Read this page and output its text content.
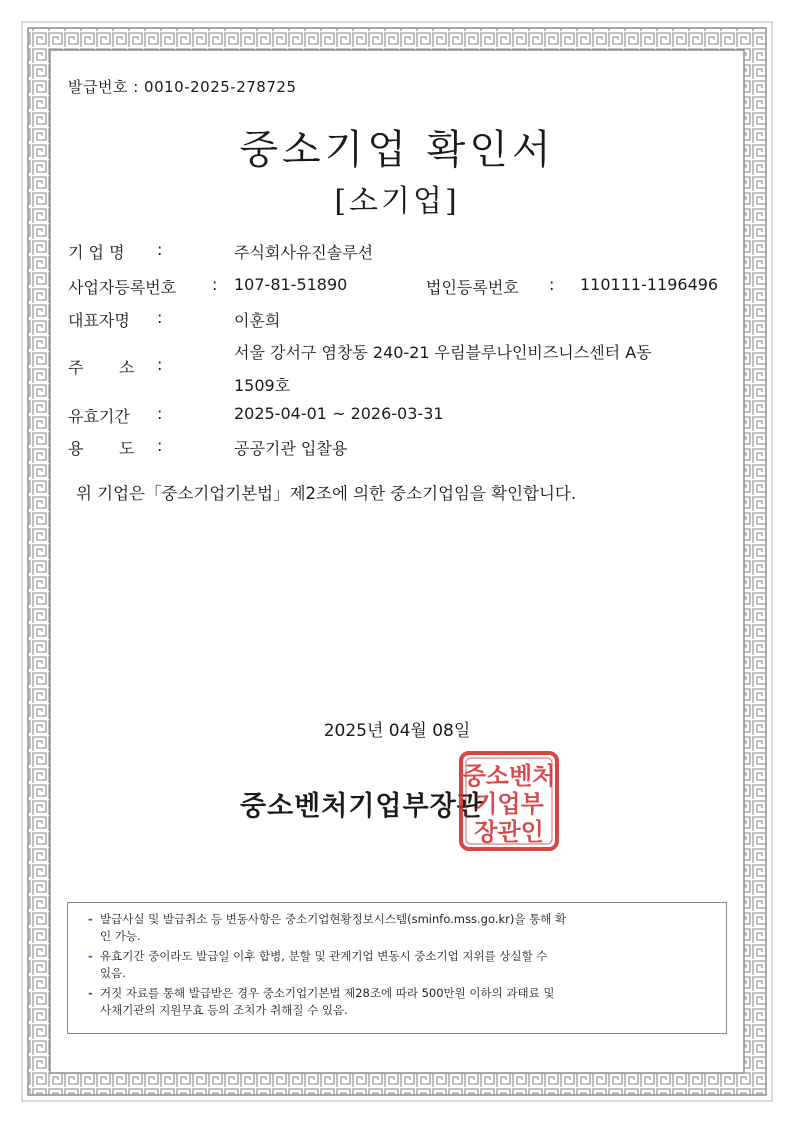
발급번호 : 0010-2025-278725
중소기업 확인서
[소기업]
기 업 명 :	주식회사유진솔루션
사업자등록번호 : 107-81-51890	법인등록번호 : 110111-1196496
대표자명 :	이훈희
주       소 :
서울 강서구 염창동 240-21 우림블루나인비즈니스센터 A동
1509호
유효기간 :	2025-04-01 ~ 2026-03-31
용       도 :	공공기관 입찰용
위 기업은「중소기업기본법」제2조에 의한 중소기업임을 확인합니다.
2025년 04월 08일
중소벤처기업부장관
중소벤처
기업부
장관인
- 발급사실 및 발급취소 등 변동사항은 중소기업현황정보시스템(sminfo.mss.go.kr)을 통해 확
인 가능.
- 유효기간 중이라도 발급일 이후 합병, 분할 및 관계기업 변동시 중소기업 지위를 상실할 수
있음.
- 거짓 자료를 통해 발급받은 경우 중소기업기본법 제28조에 따라 500만원 이하의 과태료 및
사채기관의 지원무효 등의 조치가 취해질 수 있음.
